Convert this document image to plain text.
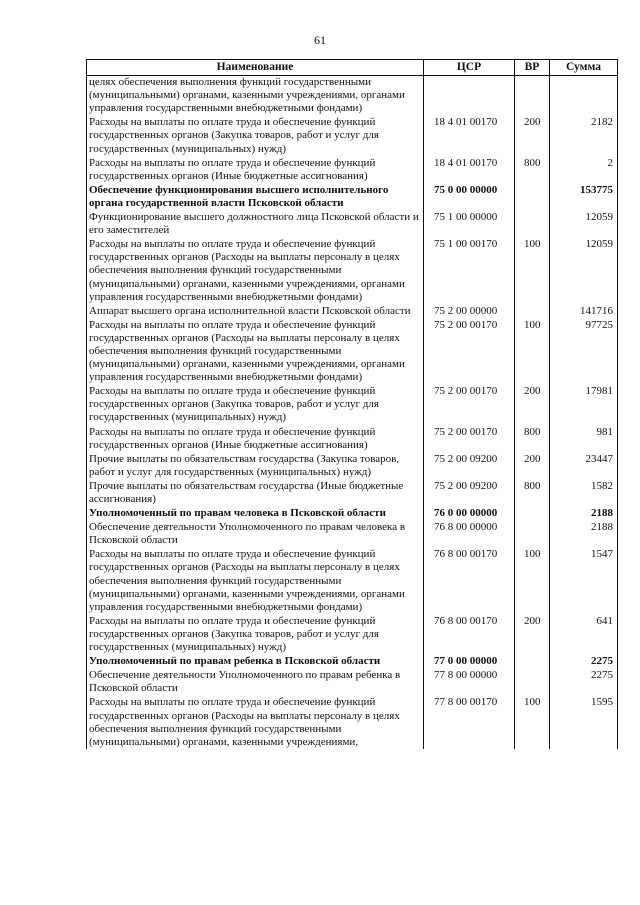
61
Наименование	ЦСР	ВР	Сумма
целях обеспечения выполнения функций государственными (муниципальными) органами, казенными учреждениями, органами управления государственными внебюджетными фондами)			
Расходы на выплаты по оплате труда и обеспечение функций государственных органов (Закупка товаров, работ и услуг для государственных (муниципальных) нужд)	18 4 01 00170	200	2182
Расходы на выплаты по оплате труда и обеспечение функций государственных органов (Иные бюджетные ассигнования)	18 4 01 00170	800	2
Обеспечение функционирования высшего исполнительного органа государственной власти Псковской области	75 0 00 00000		153775
Функционирование высшего должностного лица Псковской области и его заместителей	75 1 00 00000		12059
Расходы на выплаты по оплате труда и обеспечение функций государственных органов (Расходы на выплаты персоналу в целях обеспечения выполнения функций государственными (муниципальными) органами, казенными учреждениями, органами управления государственными внебюджетными фондами)	75 1 00 00170	100	12059
Аппарат высшего органа исполнительной власти Псковской области	75 2 00 00000		141716
Расходы на выплаты по оплате труда и обеспечение функций государственных органов (Расходы на выплаты персоналу в целях обеспечения выполнения функций государственными (муниципальными) органами, казенными учреждениями, органами управления государственными внебюджетными фондами)	75 2 00 00170	100	97725
Расходы на выплаты по оплате труда и обеспечение функций государственных органов (Закупка товаров, работ и услуг для государственных (муниципальных) нужд)	75 2 00 00170	200	17981
Расходы на выплаты по оплате труда и обеспечение функций государственных органов (Иные бюджетные ассигнования)	75 2 00 00170	800	981
Прочие выплаты по обязательствам государства (Закупка товаров, работ и услуг для государственных (муниципальных) нужд)	75 2 00 09200	200	23447
Прочие выплаты по обязательствам государства (Иные бюджетные ассигнования)	75 2 00 09200	800	1582
Уполномоченный по правам человека в Псковской области	76 0 00 00000		2188
Обеспечение деятельности Уполномоченного по правам человека в Псковской области	76 8 00 00000		2188
Расходы на выплаты по оплате труда и обеспечение функций государственных органов (Расходы на выплаты персоналу в целях обеспечения выполнения функций государственными (муниципальными) органами, казенными учреждениями, органами управления государственными внебюджетными фондами)	76 8 00 00170	100	1547
Расходы на выплаты по оплате труда и обеспечение функций государственных органов (Закупка товаров, работ и услуг для государственных (муниципальных) нужд)	76 8 00 00170	200	641
Уполномоченный по правам ребенка в Псковской области	77 0 00 00000		2275
Обеспечение деятельности Уполномоченного по правам ребенка в Псковской области	77 8 00 00000		2275
Расходы на выплаты по оплате труда и обеспечение функций государственных органов (Расходы на выплаты персоналу в целях обеспечения выполнения функций государственными (муниципальными) органами, казенными учреждениями,	77 8 00 00170	100	1595
